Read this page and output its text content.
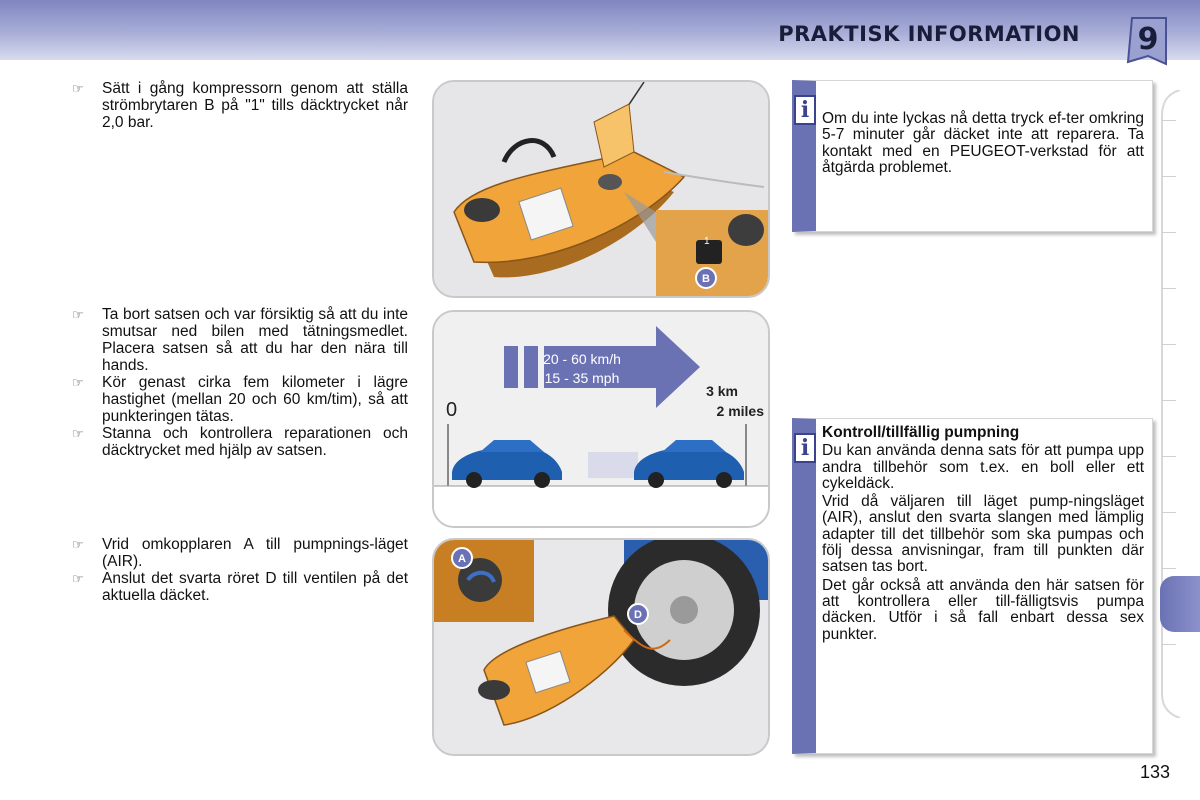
PRAKTISK INFORMATION	9
☞ Sätt i gång kompressorn genom att ställa strömbrytaren B på "1" tills däcktrycket når 2,0 bar.
☞ Ta bort satsen och var försiktig så att du inte smutsar ned bilen med tätningsmedlet. Placera satsen så att du har den nära till hands.
☞ Kör genast cirka fem kilometer i lägre hastighet (mellan 20 och 60 km/tim), så att punkteringen tätas.
☞ Stanna och kontrollera reparationen och däcktrycket med hjälp av satsen.
☞ Vrid omkopplaren A till pumpnings-läget (AIR).
☞ Anslut det svarta röret D till ventilen på det aktuella däcket.
1
B
20 - 60 km/h
15 - 35 mph
0
3 km
2 miles
A
D
i Om du inte lyckas nå detta tryck ef-ter omkring 5-7 minuter går däcket inte att reparera. Ta kontakt med en PEUGEOT-verkstad för att åtgärda problemet.

i

Kontroll/tillfällig pumpning

Du kan använda denna sats för att pumpa upp andra tillbehör som t.ex. en boll eller ett cykeldäck.

Vrid då väljaren till läget pump-ningsläget (AIR), anslut den svarta slangen med lämplig adapter till det tillbehör som ska pumpas och följ dessa anvisningar, fram till punkten där satsen tas bort.

Det går också att använda den här satsen för att kontrollera eller till-fälligtsvis pumpa däcken. Utför i så fall enbart dessa sex punkter.

133
